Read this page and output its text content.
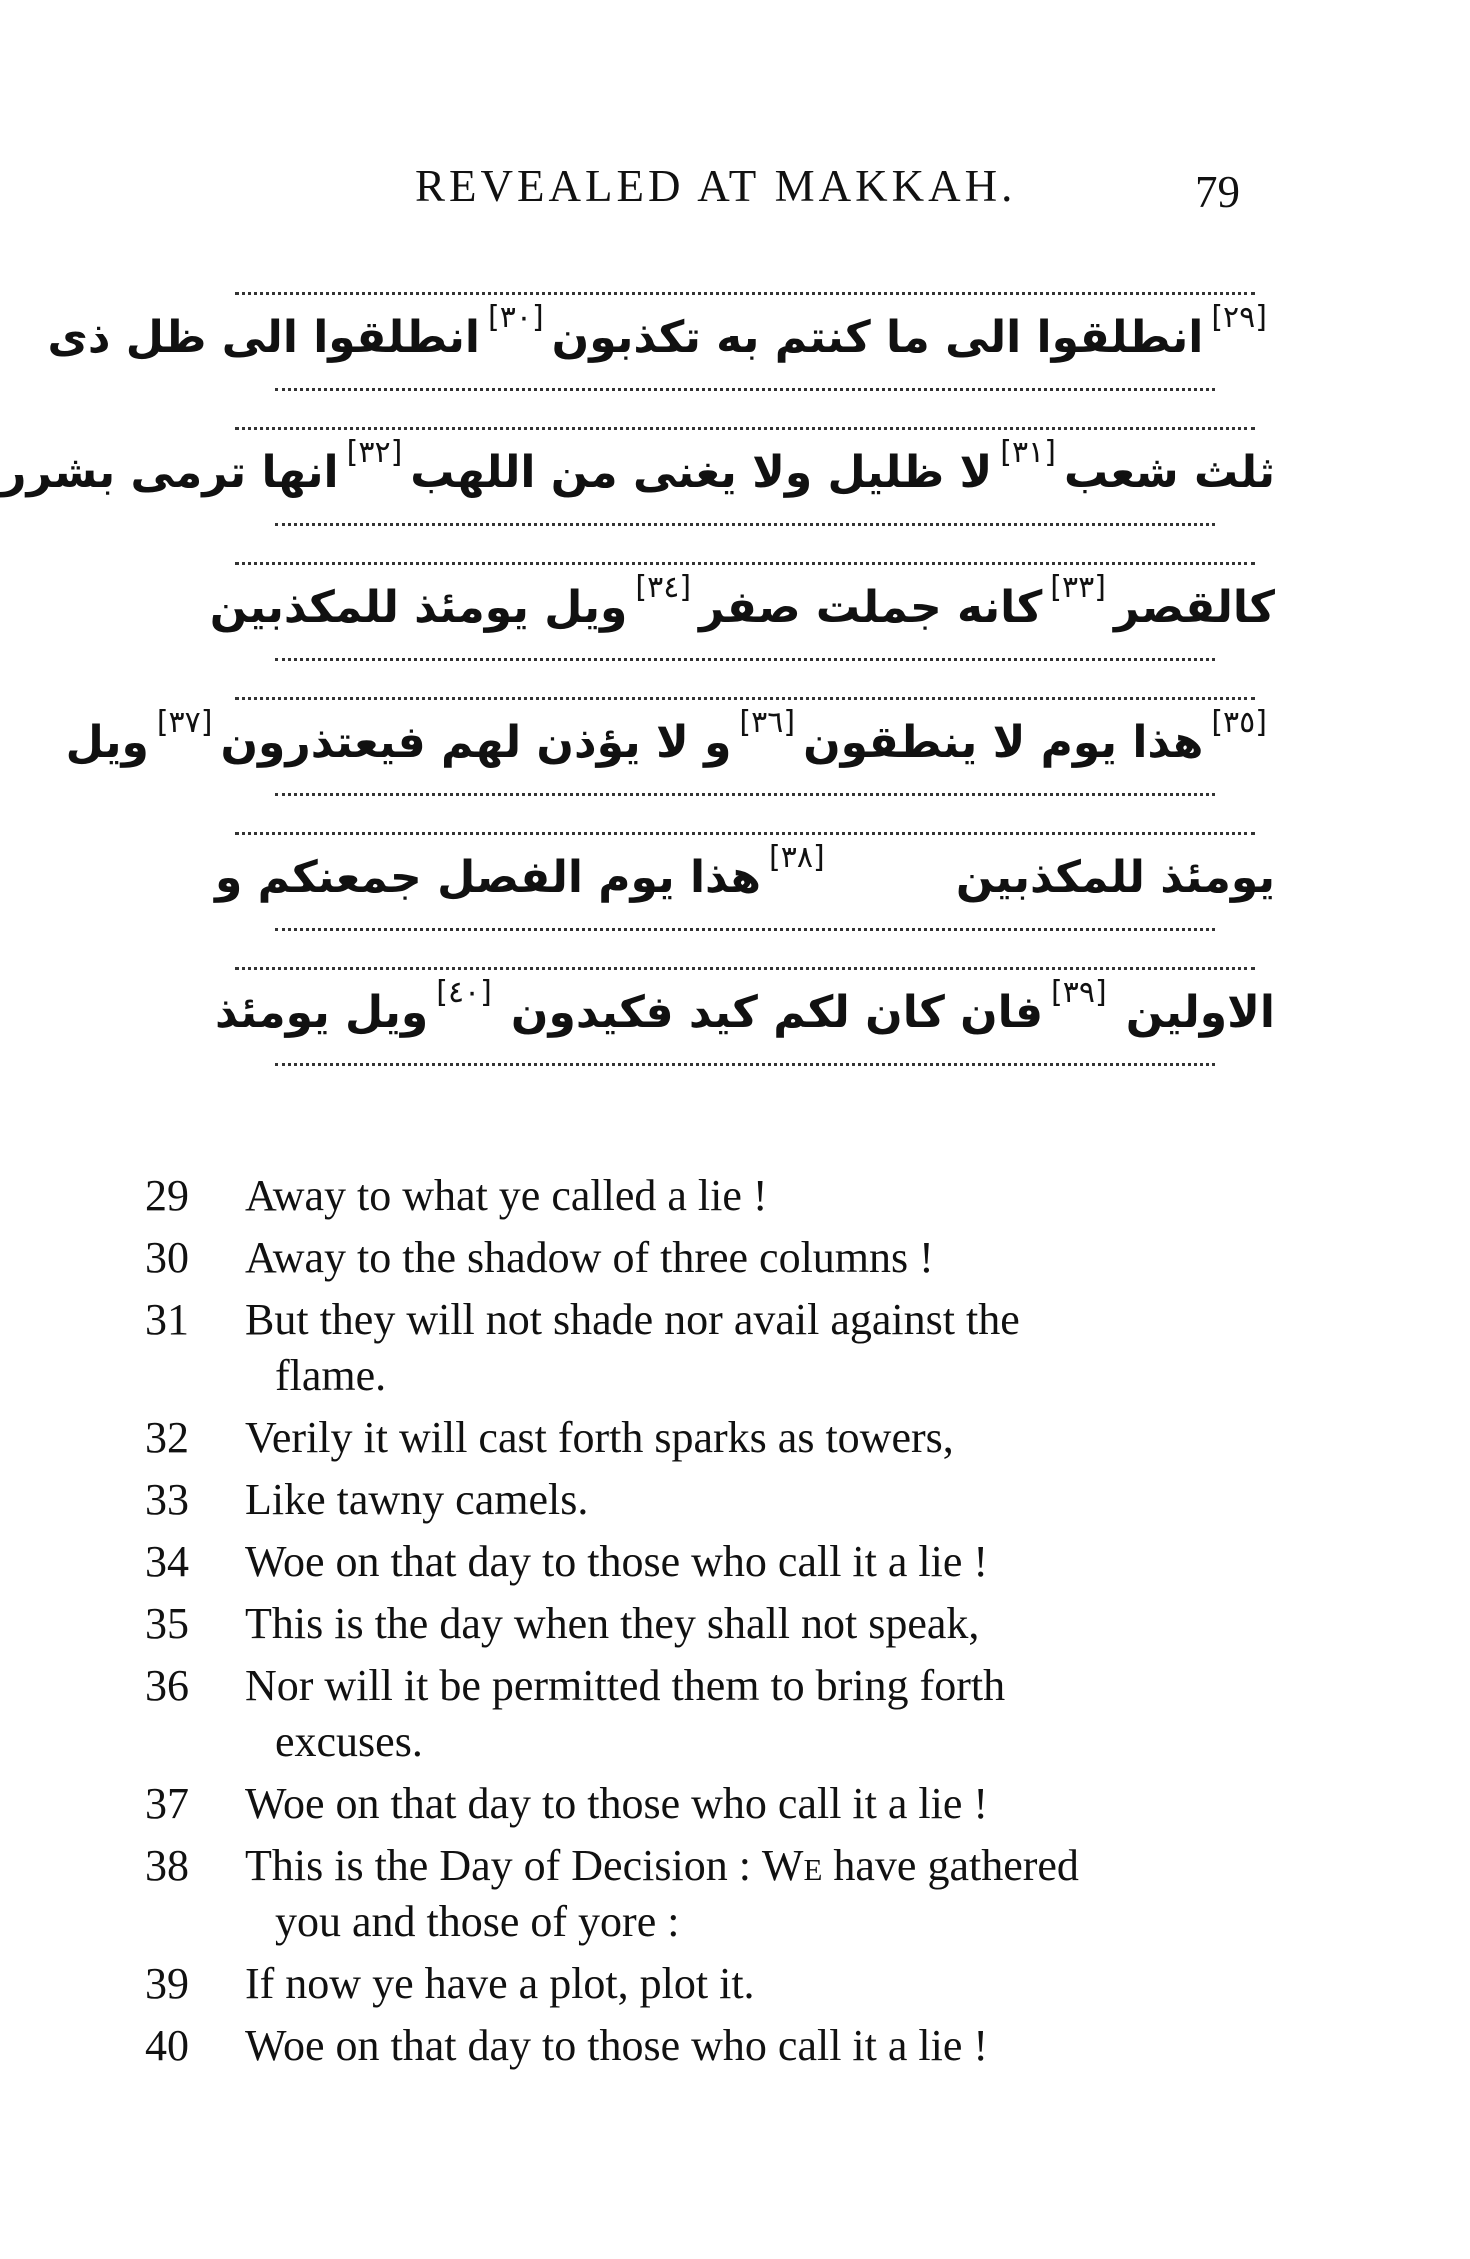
REVEALED AT MAKKAH.	79
[٢٩]
انطلقوا الى ما كنتم به تكذبون
[٣٠]
انطلقوا الى ظل ذى
ثلث شعب
[٣١]
لا ظليل ولا يغنى من اللهب
[٣٢]
انها ترمى بشرر
كالقصر
[٣٣]
كانه جملت صفر
[٣٤]
ويل يومئذ للمكذبين
[٣٥]
هذا يوم لا ينطقون
[٣٦]
و لا يؤذن لهم فيعتذرون
[٣٧]
ويل
يومئذ للمكذبين
[٣٨]
هذا يوم الفصل جمعنكم و
الاولين
[٣٩]
فان كان لكم كيد فكيدون
[٤٠]
ويل يومئذ
29	Away to what ye called a lie !
30	Away to the shadow of three columns !
31	But they will not shade nor avail against the
flame.
32	Verily it will cast forth sparks as towers,
33	Like tawny camels.
34	Woe on that day to those who call it a lie !
35	This is the day when they shall not speak,
36	Nor will it be permitted them to bring forth
excuses.
37	Woe on that day to those who call it a lie !
38	This is the Day of Decision : We have gathered
you and those of yore :
39	If now ye have a plot, plot it.
40	Woe on that day to those who call it a lie !
